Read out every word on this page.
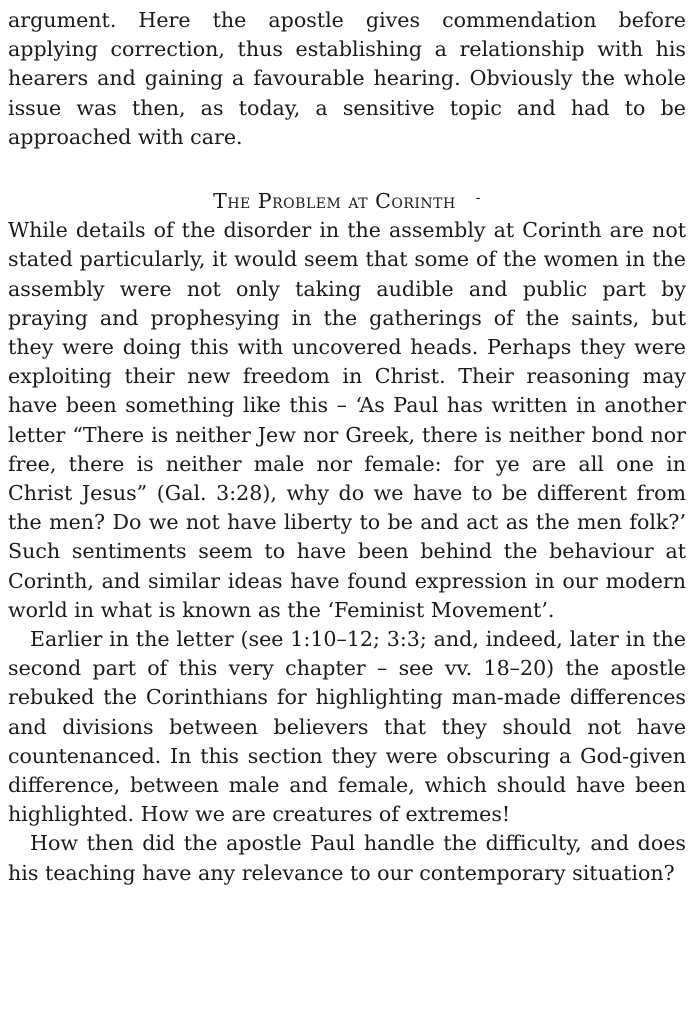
argument. Here the apostle gives commendation before applying correction, thus establishing a relationship with his hearers and gaining a favourable hearing. Obviously the whole issue was then, as today, a sensitive topic and had to be approached with care.

The Problem at Corinth -

While details of the disorder in the assembly at Corinth are not stated particularly, it would seem that some of the women in the assembly were not only taking audible and public part by praying and prophesying in the gatherings of the saints, but they were doing this with uncovered heads. Perhaps they were exploiting their new freedom in Christ. Their reasoning may have been something like this – ‘As Paul has written in another letter “There is neither Jew nor Greek, there is neither bond nor free, there is neither male nor female: for ye are all one in Christ Jesus” (Gal. 3:28), why do we have to be different from the men? Do we not have liberty to be and act as the men folk?’ Such sentiments seem to have been behind the behaviour at Corinth, and similar ideas have found expression in our modern world in what is known as the ‘Feminist Movement’.

Earlier in the letter (see 1:10–12; 3:3; and, indeed, later in the second part of this very chapter – see vv. 18–20) the apostle rebuked the Corinthians for highlighting man-made differences and divisions between believers that they should not have countenanced. In this section they were obscuring a God-given difference, between male and female, which should have been highlighted. How we are creatures of extremes!

How then did the apostle Paul handle the difficulty, and does his teaching have any relevance to our contemporary situation?
